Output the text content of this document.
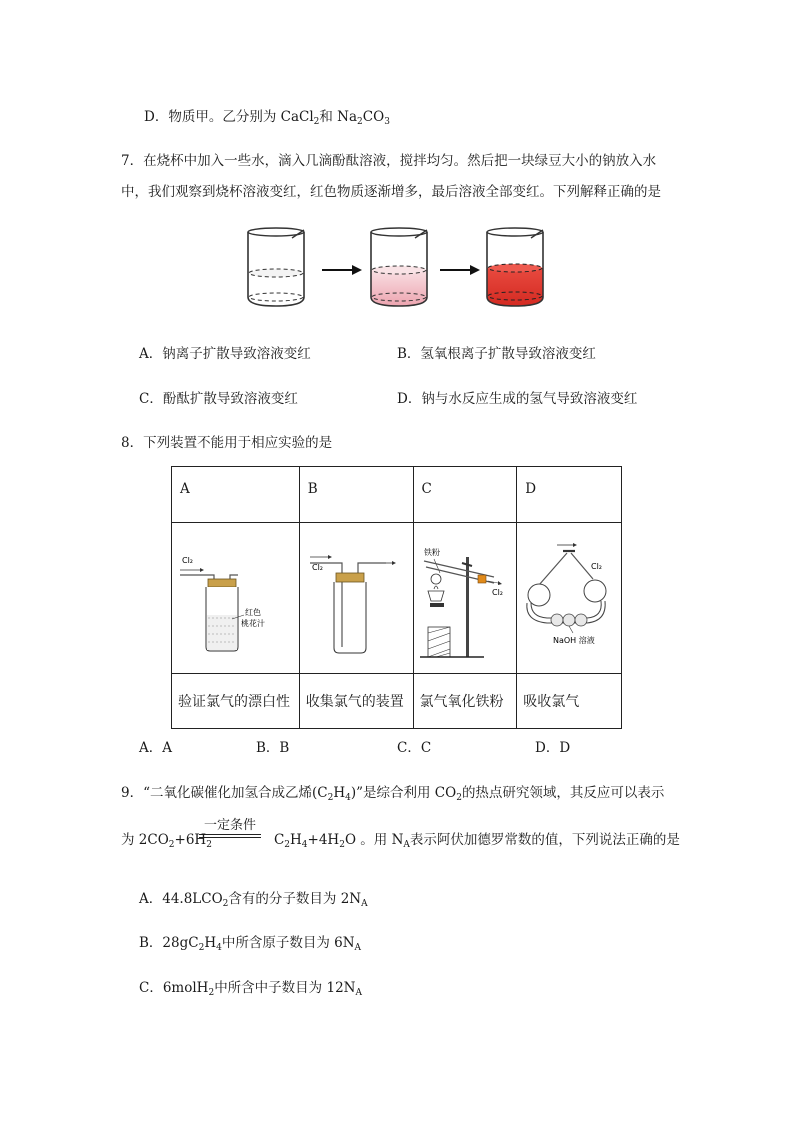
D．物质甲。乙分别为 CaCl$_2$和 $Na_2CO_3$
7．在烧杯中加入一些水，滴入几滴酚酞溶液，搅拌均匀。然后把一块绿豆大小的钠放入水
中，我们观察到烧杯溶液变红，红色物质逐渐增多，最后溶液全部变红。下列解释正确的是
A．钠离子扩散导致溶液变红	B．氢氧根离子扩散导致溶液变红
C．酚酞扩散导致溶液变红	D．钠与水反应生成的氢气导致溶液变红
8．下列装置不能用于相应实验的是
A	B	C	D

Cl₂
红色
桃花汁	Cl₂	铁粉
Cl₂	Cl₂
NaOH 溶液

验证氯气的漂白性	收集氯气的装置	氯气氧化铁粉	吸收氯气
A．A	B．B	C．C	D．D
9．“二氧化碳催化加氢合成乙烯$(C_2H_4)$”是综合利用 $CO_2$的热点研究领域，其反应可以表示
一定条件
为 $2CO_2+6H_2$	$C_2H_4+4H_2O$ 。用 $N_A$表示阿伏加德罗常数的值，下列说法正确的是
A．$44.8LCO_2$含有的分子数目为 $2N_A$
B．$28gC_2H_4$中所含原子数目为 $6N_A$
C．6molH$_2$中所含中子数目为 $12N_A$
